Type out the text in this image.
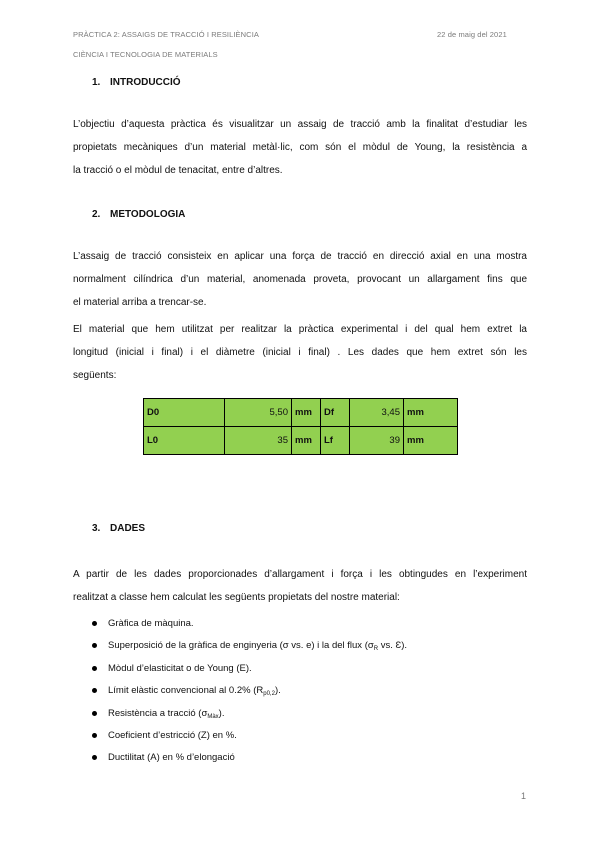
PRÀCTICA 2: ASSAIGS DE TRACCIÓ I RESILIÈNCIA	22 de maig del 2021
CIÈNCIA I TECNOLOGIA DE MATERIALS
1. INTRODUCCIÓ
L’objectiu d’aquesta pràctica és visualitzar un assaig de tracció amb la finalitat d’estudiar les
propietats mecàniques d’un material metàl·lic, com són el mòdul de Young, la resistència a
la tracció o el mòdul de tenacitat, entre d’altres.
2. METODOLOGIA
L’assaig de tracció consisteix en aplicar una força de tracció en direcció axial en una mostra
normalment cilíndrica d’un material, anomenada proveta, provocant un allargament fins que
el material arriba a trencar-se.
El material que hem utilitzat per realitzar la pràctica experimental i del qual hem extret la
longitud (inicial i final) i el diàmetre (inicial i final) . Les dades que hem extret són les
següents:
D0	5,50	mm	Df	3,45	mm
L0	35	mm	Lf	39	mm
3. DADES
A partir de les dades proporcionades d’allargament i força i les obtingudes en l’experiment
realitzat a classe hem calculat les següents propietats del nostre material:
Gràfica de màquina.
Superposició de la gràfica de enginyeria (σ vs. e) i la del flux ($\sigma_R$ vs. Ɛ).
Mòdul d’elasticitat o de Young (E).
Límit elàstic convencional al 0.2% $(R_{p0,2})$.
Resistència a tracció $(\sigma_{Màx})$.
Coeficient d’estricció (Z) en %.
Ductilitat (A) en % d’elongació
1
